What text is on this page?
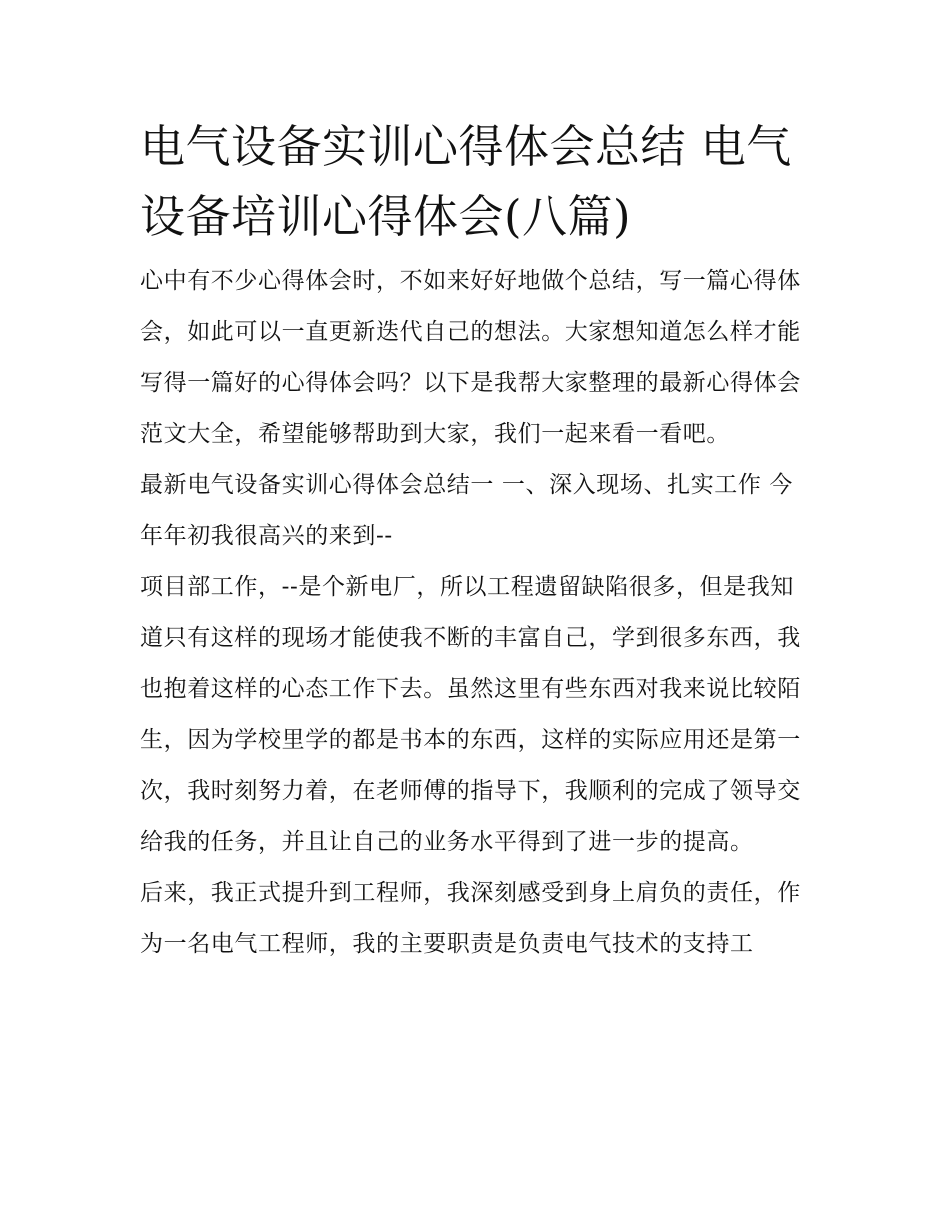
电气设备实训心得体会总结 电气设备培训心得体会(八篇)

心中有不少心得体会时，不如来好好地做个总结，写一篇心得体会，如此可以一直更新迭代自己的想法。大家想知道怎么样才能写得一篇好的心得体会吗？以下是我帮大家整理的最新心得体会范文大全，希望能够帮助到大家，我们一起来看一看吧。

最新电气设备实训心得体会总结一 一、深入现场、扎实工作 今年年初我很高兴的来到--

项目部工作，--是个新电厂，所以工程遗留缺陷很多，但是我知道只有这样的现场才能使我不断的丰富自己，学到很多东西，我也抱着这样的心态工作下去。虽然这里有些东西对我来说比较陌生，因为学校里学的都是书本的东西，这样的实际应用还是第一次，我时刻努力着，在老师傅的指导下，我顺利的完成了领导交给我的任务，并且让自己的业务水平得到了进一步的提高。

后来，我正式提升到工程师，我深刻感受到身上肩负的责任，作为一名电气工程师，我的主要职责是负责电气技术的支持工
